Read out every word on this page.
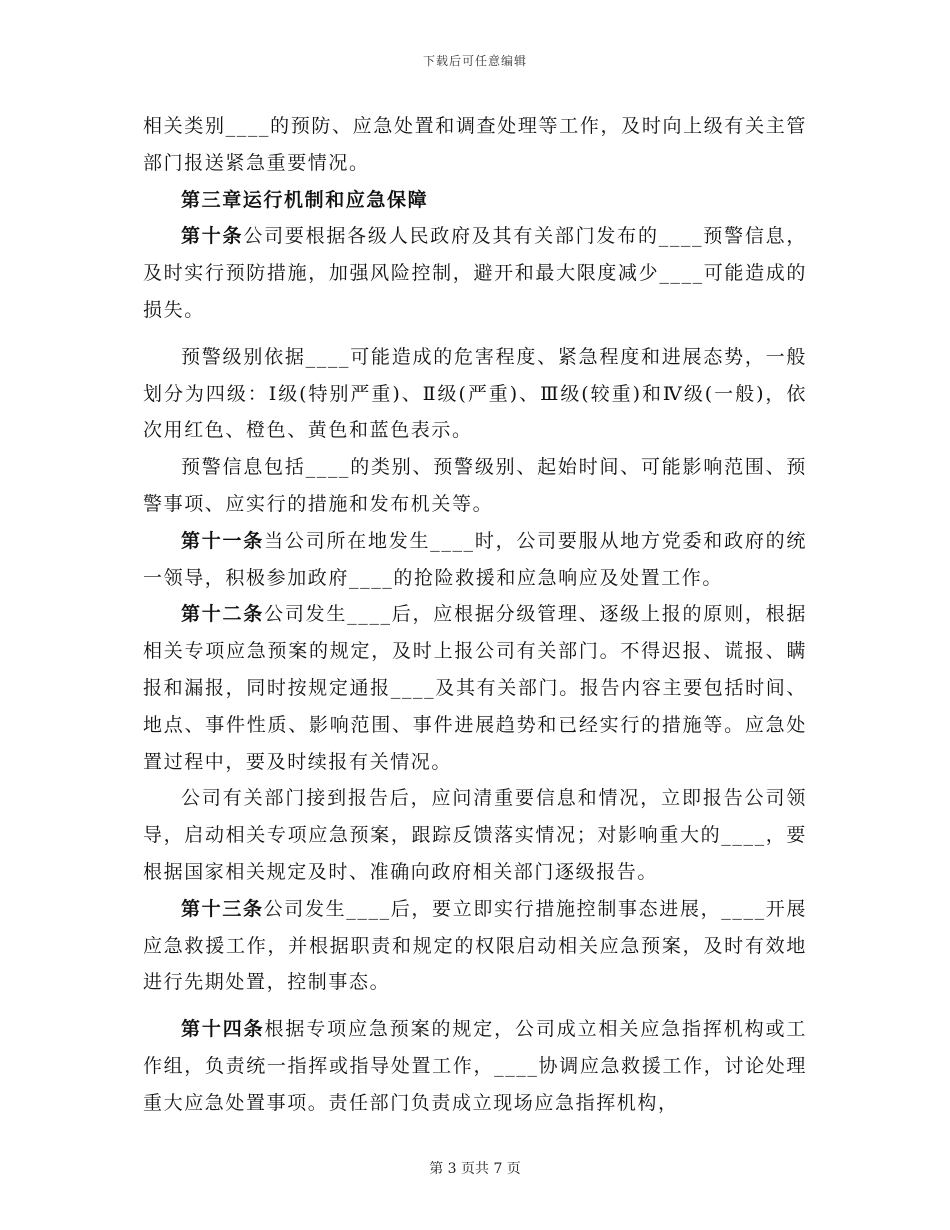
下载后可任意编辑

相关类别____的预防、应急处置和调查处理等工作，及时向上级有关主管部门报送紧急重要情况。

第三章运行机制和应急保障

第十条公司要根据各级人民政府及其有关部门发布的____预警信息，及时实行预防措施，加强风险控制，避开和最大限度减少____可能造成的损失。

预警级别依据____可能造成的危害程度、紧急程度和进展态势，一般划分为四级：Ⅰ级(特别严重)、Ⅱ级(严重)、Ⅲ级(较重)和Ⅳ级(一般)，依次用红色、橙色、黄色和蓝色表示。

预警信息包括____的类别、预警级别、起始时间、可能影响范围、预警事项、应实行的措施和发布机关等。

第十一条当公司所在地发生____时，公司要服从地方党委和政府的统一领导，积极参加政府____的抢险救援和应急响应及处置工作。

第十二条公司发生____后，应根据分级管理、逐级上报的原则，根据相关专项应急预案的规定，及时上报公司有关部门。不得迟报、谎报、瞒报和漏报，同时按规定通报____及其有关部门。报告内容主要包括时间、地点、事件性质、影响范围、事件进展趋势和已经实行的措施等。应急处置过程中，要及时续报有关情况。

公司有关部门接到报告后，应问清重要信息和情况，立即报告公司领导，启动相关专项应急预案，跟踪反馈落实情况；对影响重大的____，要根据国家相关规定及时、准确向政府相关部门逐级报告。

第十三条公司发生____后，要立即实行措施控制事态进展，____开展应急救援工作，并根据职责和规定的权限启动相关应急预案，及时有效地进行先期处置，控制事态。

第十四条根据专项应急预案的规定，公司成立相关应急指挥机构或工作组，负责统一指挥或指导处置工作，____协调应急救援工作，讨论处理重大应急处置事项。责任部门负责成立现场应急指挥机构，

第 3 页共 7 页
